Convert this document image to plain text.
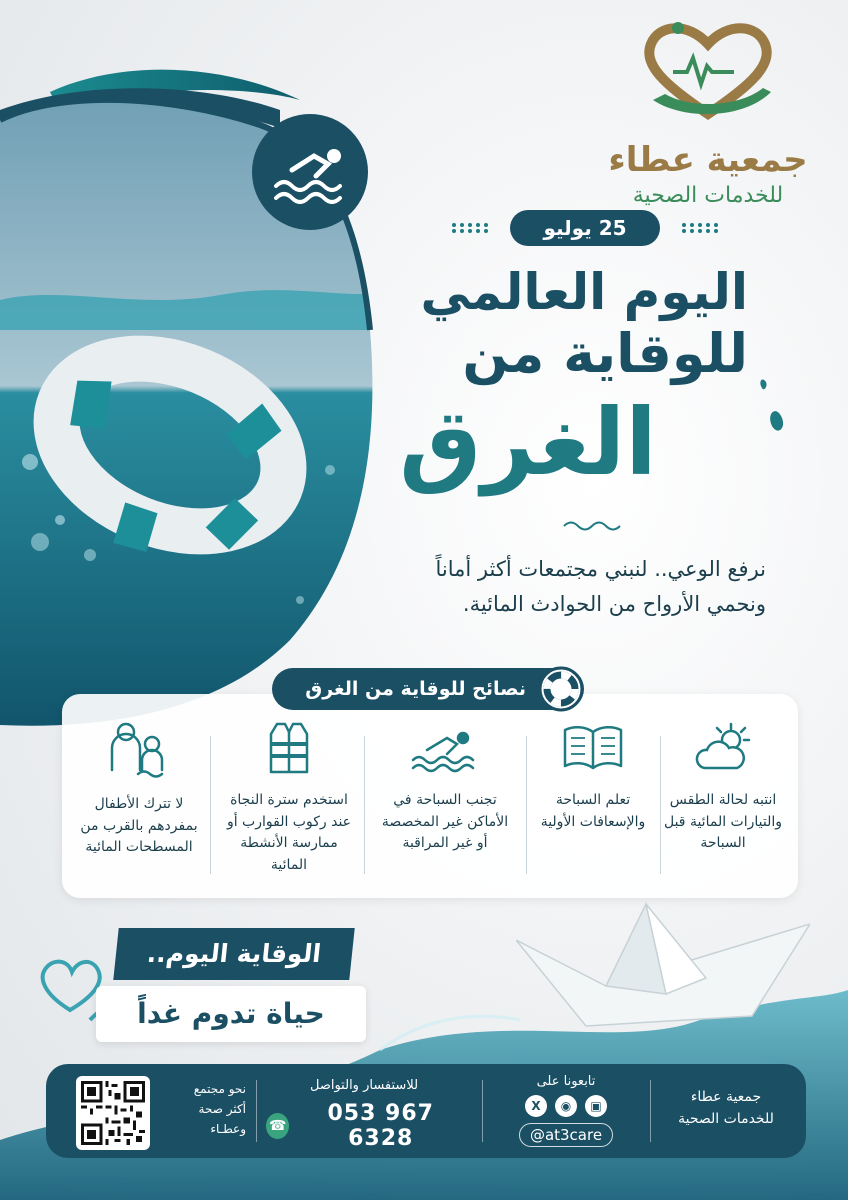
جمعية عطاء
للخدمات الصحية
25 يوليو
اليوم العالمي
للوقاية من
الغرق
نرفع الوعي.. لنبني مجتمعات أكثر أماناً
ونحمي الأرواح من الحوادث المائية.
نصائح للوقاية من الغرق
انتبه لحالة الطقس والتيارات المائية قبل السباحة
تعلم السباحة والإسعافات الأولية
تجنب السباحة في الأماكن غير المخصصة أو غير المراقبة
استخدم سترة النجاة عند ركوب القوارب أو ممارسة الأنشطة المائية
لا تترك الأطفال بمفردهم بالقرب من المسطحات المائية
الوقاية اليوم..
حياة تدوم غداً
جمعية عطاء
للخدمات الصحية
تابعونا على
X	◉	▣
@at3care
للاستفسار والتواصل
☎	053 967 6328
نحو مجتمع
أكثر صحة
وعطـاء
